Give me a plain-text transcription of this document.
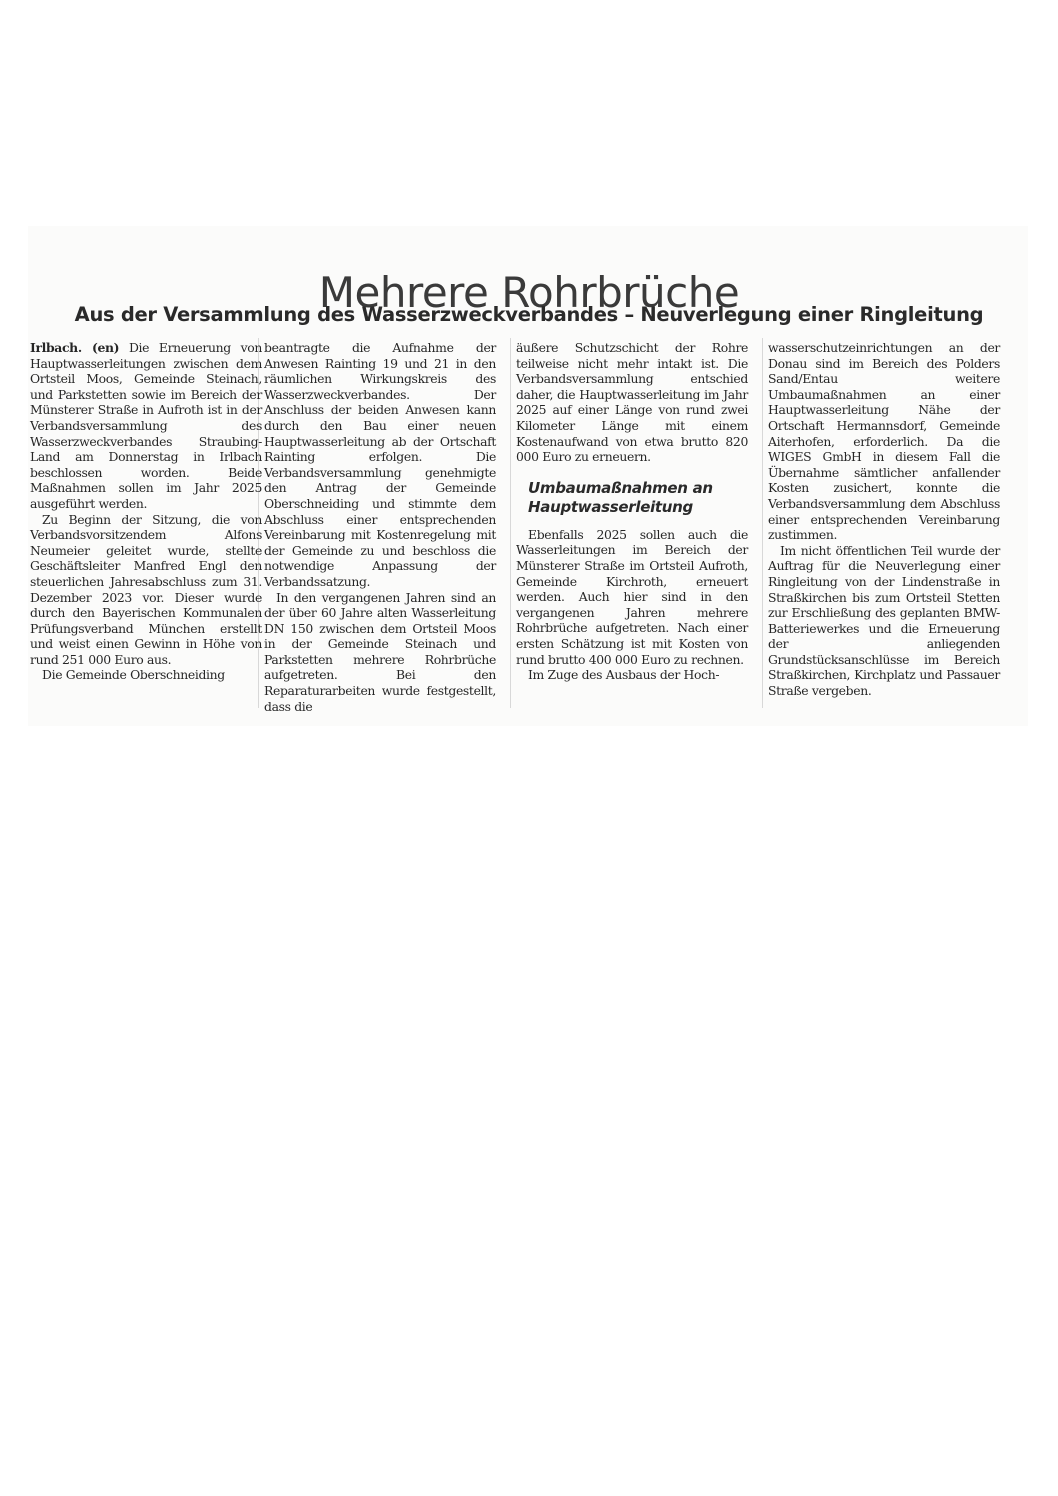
Mehrere Rohrbrüche
Aus der Versammlung des Wasserzweckverbandes – Neuverlegung einer Ringleitung

Irlbach. (en) Die Erneuerung von Hauptwasserleitungen zwischen dem Ortsteil Moos, Gemeinde Steinach, und Parkstetten sowie im Bereich der Münsterer Straße in Aufroth ist in der Verbandsversammlung des Wasserzweckverbandes Straubing-Land am Donnerstag in Irlbach beschlossen worden. Beide Maßnahmen sollen im Jahr 2025 ausgeführt werden.

Zu Beginn der Sitzung, die von Verbandsvorsitzendem Alfons Neumeier geleitet wurde, stellte Geschäftsleiter Manfred Engl den steuerlichen Jahresabschluss zum 31. Dezember 2023 vor. Dieser wurde durch den Bayerischen Kommunalen Prüfungsverband München erstellt und weist einen Gewinn in Höhe von rund 251 000 Euro aus.

Die Gemeinde Oberschneiding

beantragte die Aufnahme der Anwesen Rainting 19 und 21 in den räumlichen Wirkungskreis des Wasserzweckverbandes. Der Anschluss der beiden Anwesen kann durch den Bau einer neuen Hauptwasserleitung ab der Ortschaft Rainting erfolgen. Die Verbandsversammlung genehmigte den Antrag der Gemeinde Oberschneiding und stimmte dem Abschluss einer entsprechenden Vereinbarung mit Kostenregelung mit der Gemeinde zu und beschloss die notwendige Anpassung der Verbandssatzung.

In den vergangenen Jahren sind an der über 60 Jahre alten Wasserleitung DN 150 zwischen dem Ortsteil Moos in der Gemeinde Steinach und Parkstetten mehrere Rohrbrüche aufgetreten. Bei den Reparaturarbeiten wurde festgestellt, dass die

äußere Schutzschicht der Rohre teilweise nicht mehr intakt ist. Die Verbandsversammlung entschied daher, die Hauptwasserleitung im Jahr 2025 auf einer Länge von rund zwei Kilometer Länge mit einem Kostenaufwand von etwa brutto 820 000 Euro zu erneuern.

Umbaumaßnahmen an Hauptwasserleitung

Ebenfalls 2025 sollen auch die Wasserleitungen im Bereich der Münsterer Straße im Ortsteil Aufroth, Gemeinde Kirchroth, erneuert werden. Auch hier sind in den vergangenen Jahren mehrere Rohrbrüche aufgetreten. Nach einer ersten Schätzung ist mit Kosten von rund brutto 400 000 Euro zu rechnen.

Im Zuge des Ausbaus der Hoch-

wasserschutzeinrichtungen an der Donau sind im Bereich des Polders Sand/Entau weitere Umbaumaßnahmen an einer Hauptwasserleitung Nähe der Ortschaft Hermannsdorf, Gemeinde Aiterhofen, erforderlich. Da die WIGES GmbH in diesem Fall die Übernahme sämtlicher anfallender Kosten zusichert, konnte die Verbandsversammlung dem Abschluss einer entsprechenden Vereinbarung zustimmen.

Im nicht öffentlichen Teil wurde der Auftrag für die Neuverlegung einer Ringleitung von der Lindenstraße in Straßkirchen bis zum Ortsteil Stetten zur Erschließung des geplanten BMW-Batteriewerkes und die Erneuerung der anliegenden Grundstücksanschlüsse im Bereich Straßkirchen, Kirchplatz und Passauer Straße vergeben.
